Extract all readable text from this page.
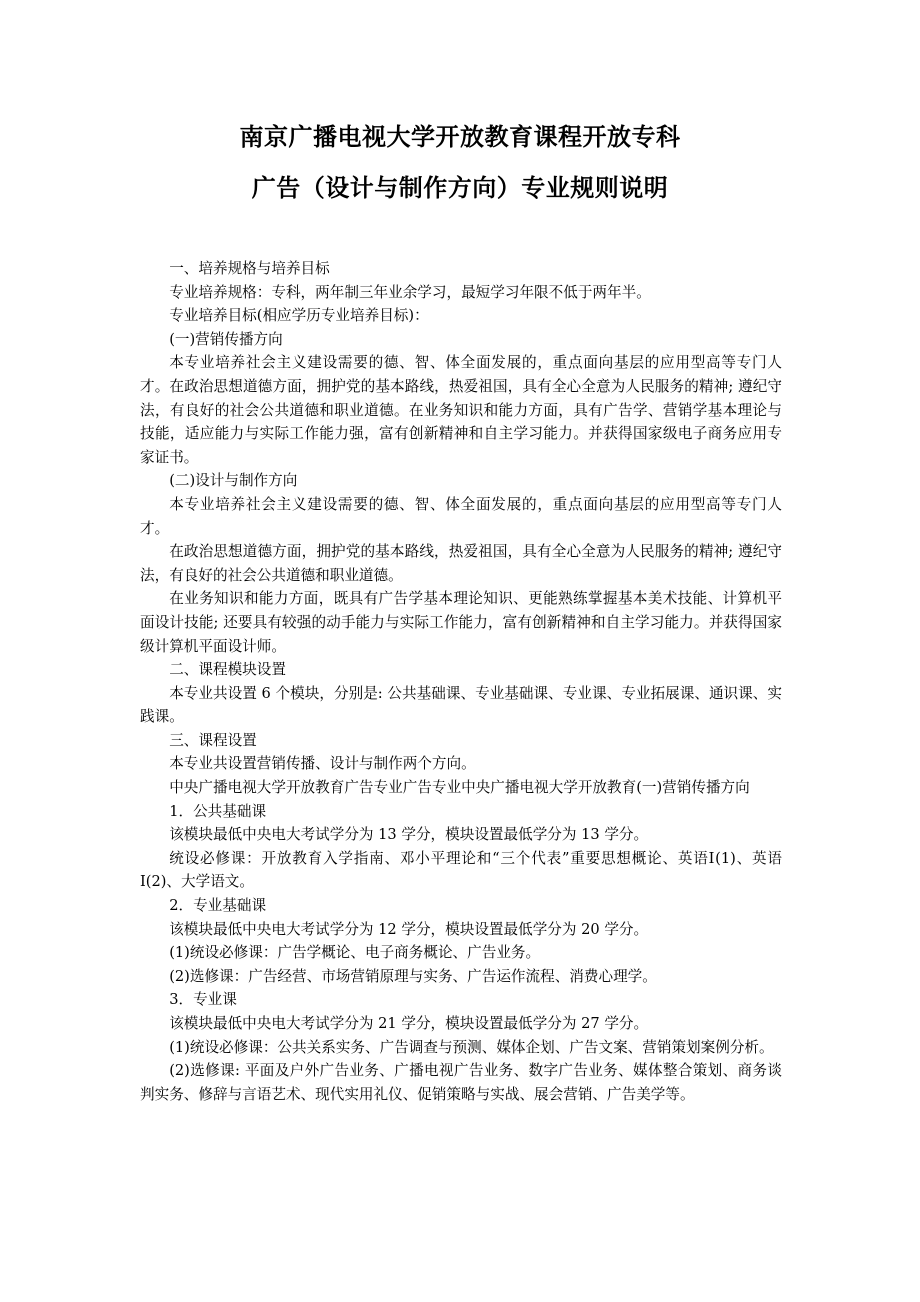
南京广播电视大学开放教育课程开放专科
广告（设计与制作方向）专业规则说明

一、培养规格与培养目标

专业培养规格：专科，两年制三年业余学习，最短学习年限不低于两年半。

专业培养目标(相应学历专业培养目标)：

(一)营销传播方向

本专业培养社会主义建设需要的德、智、体全面发展的，重点面向基层的应用型高等专门人才。在政治思想道德方面，拥护党的基本路线，热爱祖国，具有全心全意为人民服务的精神; 遵纪守法，有良好的社会公共道德和职业道德。在业务知识和能力方面，具有广告学、营销学基本理论与技能，适应能力与实际工作能力强，富有创新精神和自主学习能力。并获得国家级电子商务应用专家证书。

(二)设计与制作方向

本专业培养社会主义建设需要的德、智、体全面发展的，重点面向基层的应用型高等专门人才。

在政治思想道德方面，拥护党的基本路线，热爱祖国，具有全心全意为人民服务的精神; 遵纪守法，有良好的社会公共道德和职业道德。

在业务知识和能力方面，既具有广告学基本理论知识、更能熟练掌握基本美术技能、计算机平面设计技能; 还要具有较强的动手能力与实际工作能力，富有创新精神和自主学习能力。并获得国家级计算机平面设计师。

二、课程模块设置

本专业共设置 6 个模块，分别是: 公共基础课、专业基础课、专业课、专业拓展课、通识课、实践课。

三、课程设置

本专业共设置营销传播、设计与制作两个方向。

中央广播电视大学开放教育广告专业广告专业中央广播电视大学开放教育(一)营销传播方向

1．公共基础课

该模块最低中央电大考试学分为 13 学分，模块设置最低学分为 13 学分。

统设必修课：开放教育入学指南、邓小平理论和“三个代表”重要思想概论、英语Ⅰ(1)、英语Ⅰ(2)、大学语文。

2．专业基础课

该模块最低中央电大考试学分为 12 学分，模块设置最低学分为 20 学分。

(1)统设必修课：广告学概论、电子商务概论、广告业务。

(2)选修课：广告经营、市场营销原理与实务、广告运作流程、消费心理学。

3．专业课

该模块最低中央电大考试学分为 21 学分，模块设置最低学分为 27 学分。

(1)统设必修课：公共关系实务、广告调查与预测、媒体企划、广告文案、营销策划案例分析。

(2)选修课: 平面及户外广告业务、广播电视广告业务、数字广告业务、媒体整合策划、商务谈判实务、修辞与言语艺术、现代实用礼仪、促销策略与实战、展会营销、广告美学等。
